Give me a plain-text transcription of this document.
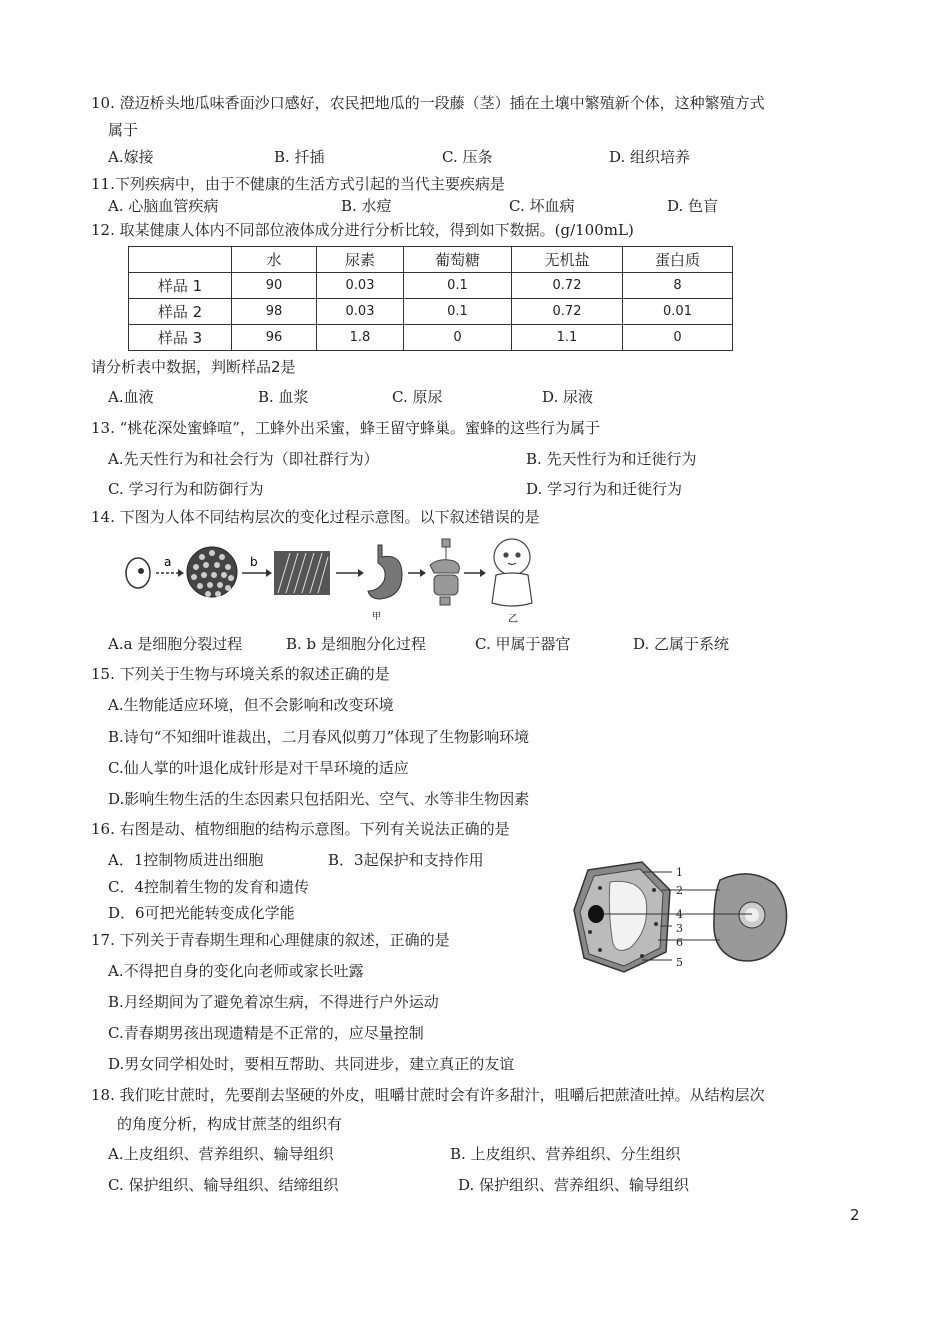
10. 澄迈桥头地瓜味香面沙口感好，农民把地瓜的一段藤（茎）插在土壤中繁殖新个体，这种繁殖方式
属于
A.嫁接	B. 扦插	C. 压条	D. 组织培养
11.下列疾病中，由于不健康的生活方式引起的当代主要疾病是
A. 心脑血管疾病	B. 水痘	C. 坏血病	D. 色盲
12. 取某健康人体内不同部位液体成分进行分析比较，得到如下数据。(g/100mL)
	水	尿素	葡萄糖	无机盐	蛋白质
样品 1	90	0.03	0.1	0.72	8
样品 2	98	0.03	0.1	0.72	0.01
样品 3	96	1.8	0	1.1	0
请分析表中数据，判断样品2是
A.血液	B. 血浆	C. 原尿	D. 尿液
13. “桃花深处蜜蜂喧”，工蜂外出采蜜，蜂王留守蜂巢。蜜蜂的这些行为属于
A.先天性行为和社会行为（即社群行为）	B. 先天性行为和迁徙行为
C. 学习行为和防御行为	D. 学习行为和迁徙行为
14. 下图为人体不同结构层次的变化过程示意图。以下叙述错误的是
a	b
甲	乙
A.a 是细胞分裂过程	B. b 是细胞分化过程	C. 甲属于器官	D. 乙属于系统
15. 下列关于生物与环境关系的叙述正确的是
A.生物能适应环境，但不会影响和改变环境
B.诗句“不知细叶谁裁出，二月春风似剪刀”体现了生物影响环境
C.仙人掌的叶退化成针形是对干旱环境的适应
D.影响生物生活的生态因素只包括阳光、空气、水等非生物因素
16. 右图是动、植物细胞的结构示意图。下列有关说法正确的是
A．1控制物质进出细胞	B．3起保护和支持作用
C．4控制着生物的发育和遗传
D．6可把光能转变成化学能
1
2
4
3
6
5
17. 下列关于青春期生理和心理健康的叙述，正确的是
A.不得把自身的变化向老师或家长吐露
B.月经期间为了避免着凉生病，不得进行户外运动
C.青春期男孩出现遗精是不正常的，应尽量控制
D.男女同学相处时，要相互帮助、共同进步，建立真正的友谊
18. 我们吃甘蔗时，先要削去坚硬的外皮，咀嚼甘蔗时会有许多甜汁，咀嚼后把蔗渣吐掉。从结构层次
的角度分析，构成甘蔗茎的组织有
A.上皮组织、营养组织、输导组织	B. 上皮组织、营养组织、分生组织
C. 保护组织、输导组织、结缔组织	D. 保护组织、营养组织、输导组织
2
